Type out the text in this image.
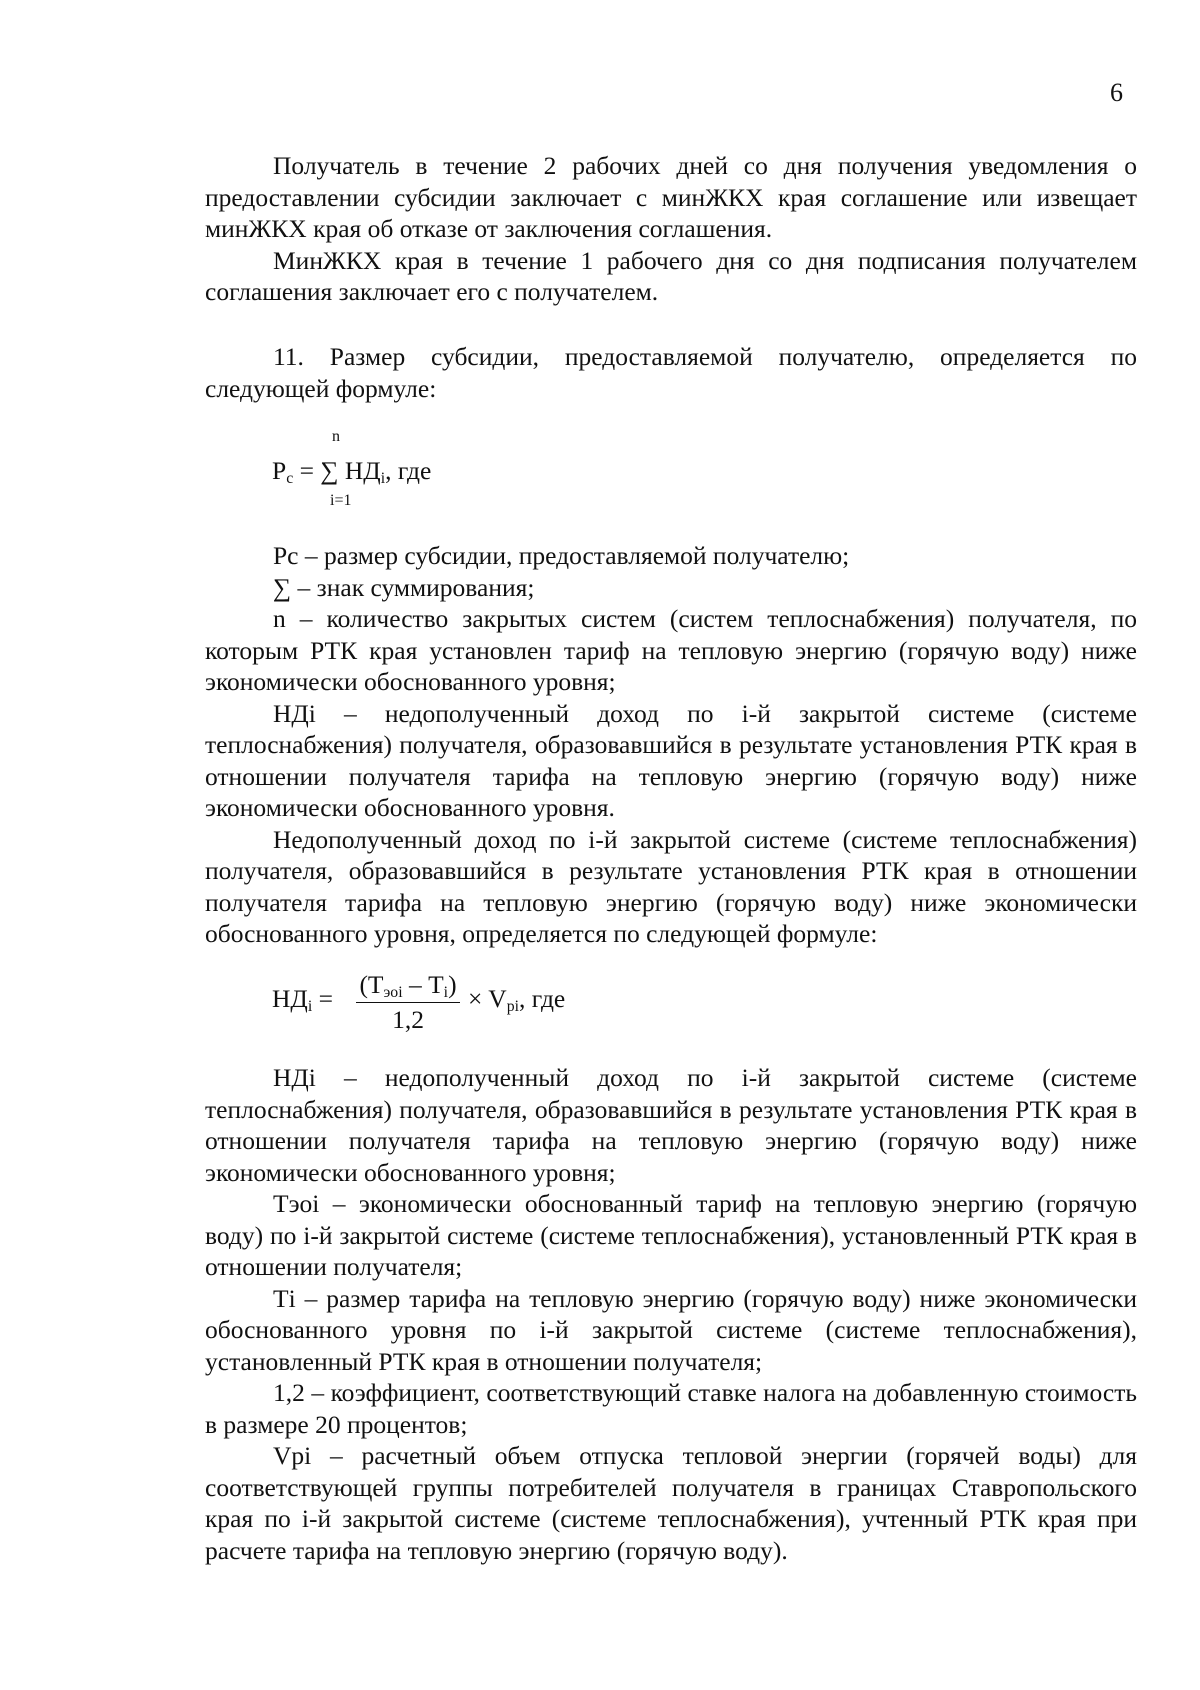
6

Получатель в течение 2 рабочих дней со дня получения уведомления о предоставлении субсидии заключает с минЖКХ края соглашение или извещает минЖКХ края об отказе от заключения соглашения.

МинЖКХ края в течение 1 рабочего дня со дня подписания получателем соглашения заключает его с получателем.

11. Размер субсидии, предоставляемой получателю, определяется по следующей формуле:

n
$Р_с$ = ∑ $НД_i$, где
i=1

Рс – размер субсидии, предоставляемой получателю;

∑ – знак суммирования;

n – количество закрытых систем (систем теплоснабжения) получателя, по которым РТК края установлен тариф на тепловую энергию (горячую воду) ниже экономически обоснованного уровня;

НДi – недополученный доход по i-й закрытой системе (системе теплоснабжения) получателя, образовавшийся в результате установления РТК края в отношении получателя тарифа на тепловую энергию (горячую воду) ниже экономически обоснованного уровня.

Недополученный доход по i-й закрытой системе (системе теплоснабжения) получателя, образовавшийся в результате установления РТК края в отношении получателя тарифа на тепловую энергию (горячую воду) ниже экономически обоснованного уровня, определяется по следующей формуле:

$НД_i = (Т_{эoi} - Т_i)$
1,2
× $V_{pi}$, где

НДi – недополученный доход по i-й закрытой системе (системе теплоснабжения) получателя, образовавшийся в результате установления РТК края в отношении получателя тарифа на тепловую энергию (горячую воду) ниже экономически обоснованного уровня;

Тэоi – экономически обоснованный тариф на тепловую энергию (горячую воду) по i-й закрытой системе (системе теплоснабжения), установленный РТК края в отношении получателя;

Тi – размер тарифа на тепловую энергию (горячую воду) ниже экономически обоснованного уровня по i-й закрытой системе (системе теплоснабжения), установленный РТК края в отношении получателя;

1,2 – коэффициент, соответствующий ставке налога на добавленную стоимость в размере 20 процентов;

Vpi – расчетный объем отпуска тепловой энергии (горячей воды) для соответствующей группы потребителей получателя в границах Ставропольского края по i-й закрытой системе (системе теплоснабжения), учтенный РТК края при расчете тарифа на тепловую энергию (горячую воду).
